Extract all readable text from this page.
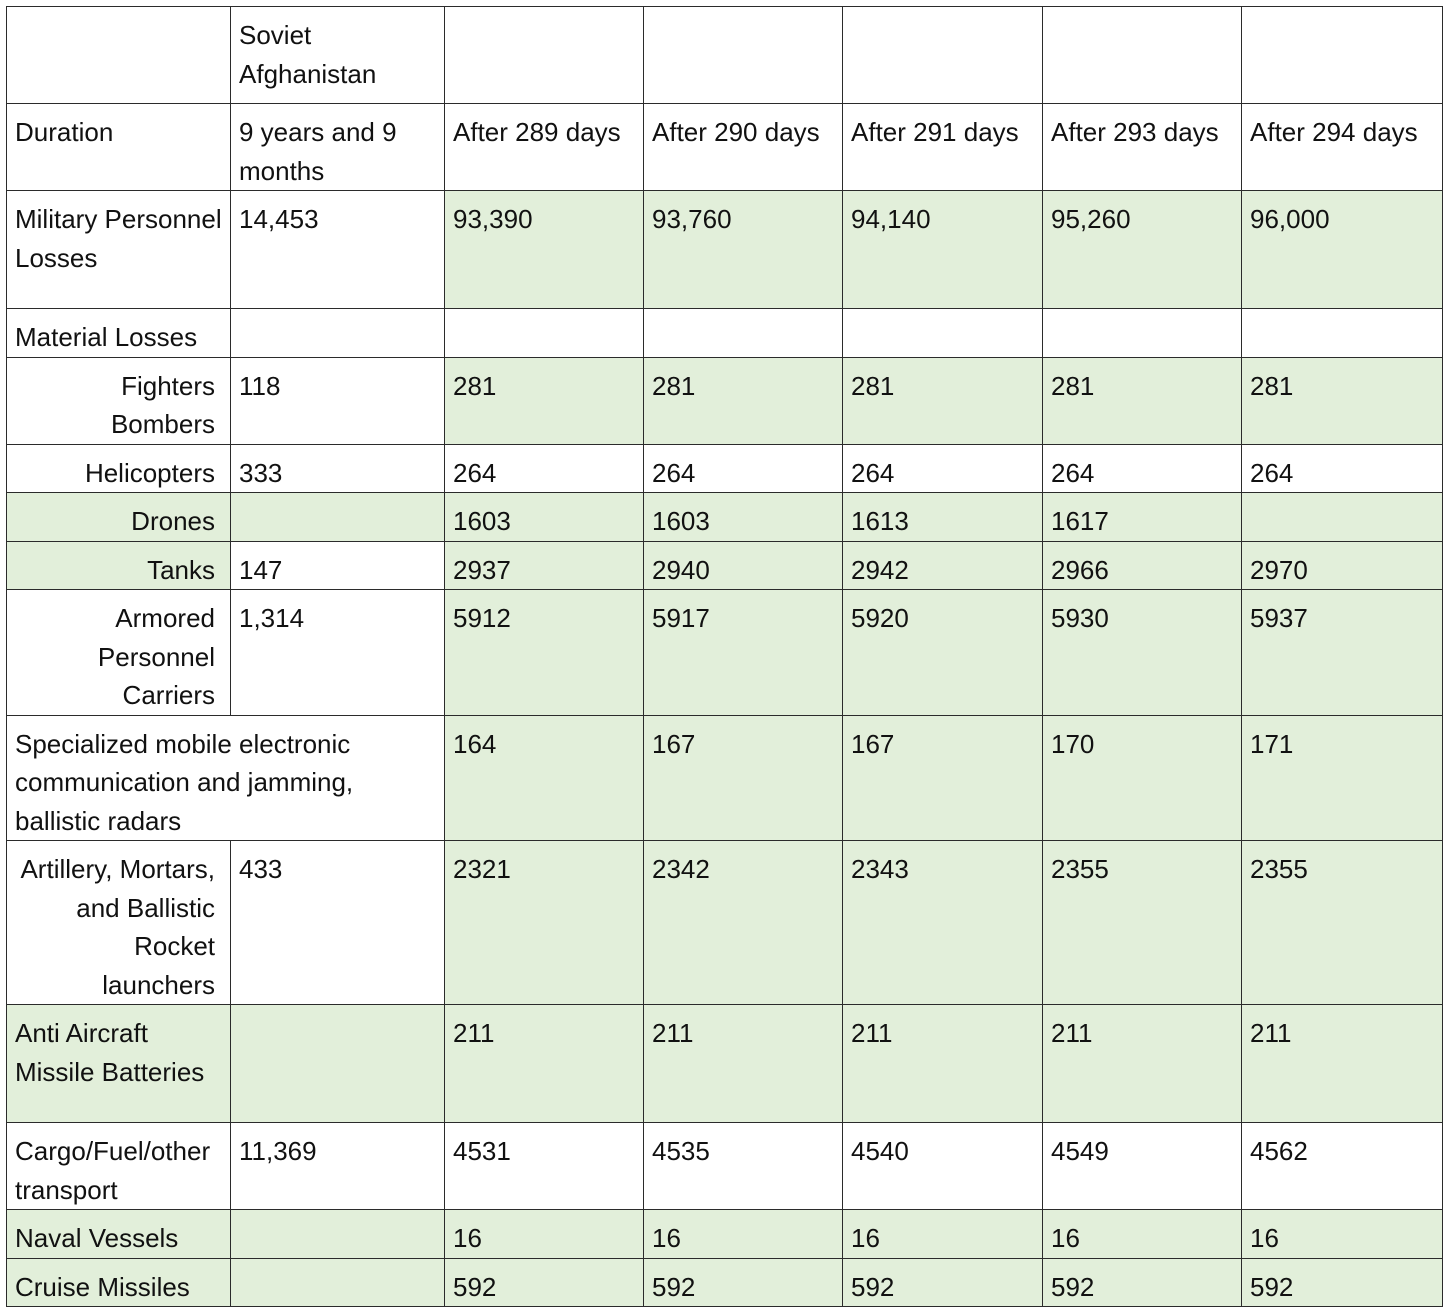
	Soviet Afghanistan					
Duration	9 years and 9 months	After 289 days	After 290 days	After 291 days	After 293 days	After 294 days
Military Personnel Losses	14,453	93,390	93,760	94,140	95,260	96,000
Material Losses						
Fighters Bombers	118	281	281	281	281	281
Helicopters	333	264	264	264	264	264
Drones		1603	1603	1613	1617	
Tanks	147	2937	2940	2942	2966	2970
Armored Personnel Carriers	1,314	5912	5917	5920	5930	5937
Specialized mobile electronic communication and jamming, ballistic radars		164	167	167	170	171
Artillery, Mortars, and Ballistic Rocket launchers	433	2321	2342	2343	2355	2355
Anti Aircraft Missile Batteries		211	211	211	211	211
Cargo/Fuel/other transport	11,369	4531	4535	4540	4549	4562
Naval Vessels		16	16	16	16	16
Cruise Missiles		592	592	592	592	592
